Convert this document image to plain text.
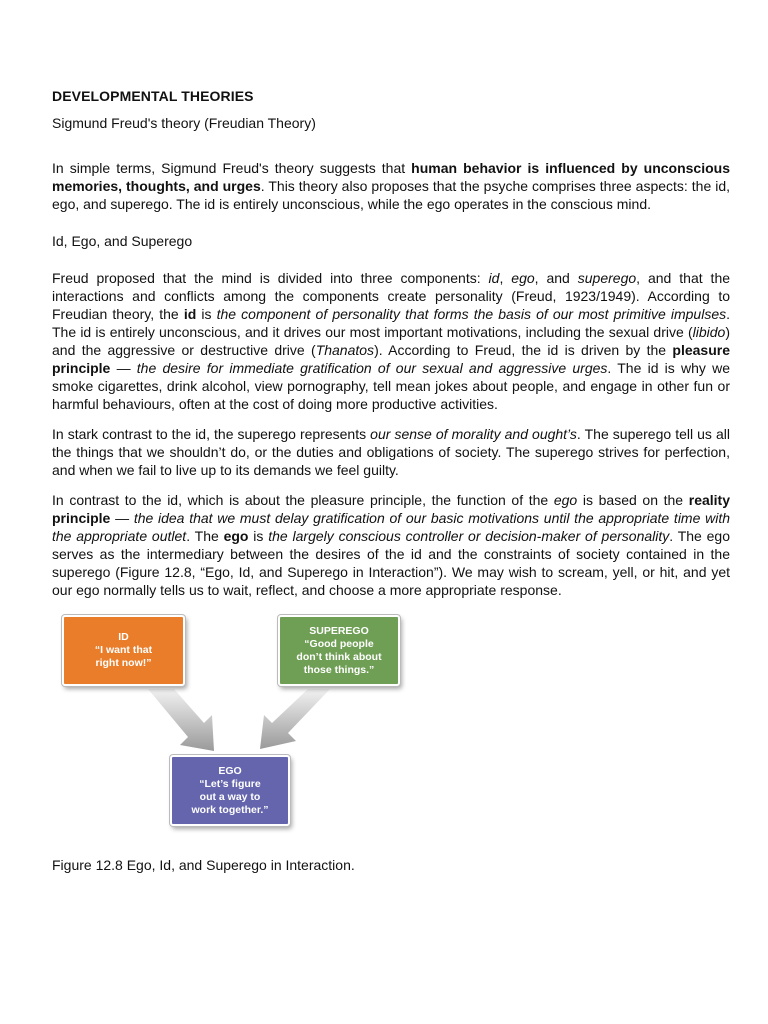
DEVELOPMENTAL THEORIES
Sigmund Freud's theory (Freudian Theory)

In simple terms, Sigmund Freud's theory suggests that human behavior is influenced by unconscious memories, thoughts, and urges. This theory also proposes that the psyche comprises three aspects: the id, ego, and superego. The id is entirely unconscious, while the ego operates in the conscious mind.

Id, Ego, and Superego

Freud proposed that the mind is divided into three components: id, ego, and superego, and that the interactions and conflicts among the components create personality (Freud, 1923/1949). According to Freudian theory, the id is the component of personality that forms the basis of our most primitive impulses. The id is entirely unconscious, and it drives our most important motivations, including the sexual drive (libido) and the aggressive or destructive drive (Thanatos). According to Freud, the id is driven by the pleasure principle — the desire for immediate gratification of our sexual and aggressive urges. The id is why we smoke cigarettes, drink alcohol, view pornography, tell mean jokes about people, and engage in other fun or harmful behaviours, often at the cost of doing more productive activities.

In stark contrast to the id, the superego represents our sense of morality and ought’s. The superego tell us all the things that we shouldn’t do, or the duties and obligations of society. The superego strives for perfection, and when we fail to live up to its demands we feel guilty.

In contrast to the id, which is about the pleasure principle, the function of the ego is based on the reality principle — the idea that we must delay gratification of our basic motivations until the appropriate time with the appropriate outlet. The ego is the largely conscious controller or decision-maker of personality. The ego serves as the intermediary between the desires of the id and the constraints of society contained in the superego (Figure 12.8, “Ego, Id, and Superego in Interaction”). We may wish to scream, yell, or hit, and yet our ego normally tells us to wait, reflect, and choose a more appropriate response.

ID
“I want that
right now!”
SUPEREGO
“Good people
don’t think about
those things.”
EGO
“Let’s figure
out a way to
work together.”
Figure 12.8 Ego, Id, and Superego in Interaction.
